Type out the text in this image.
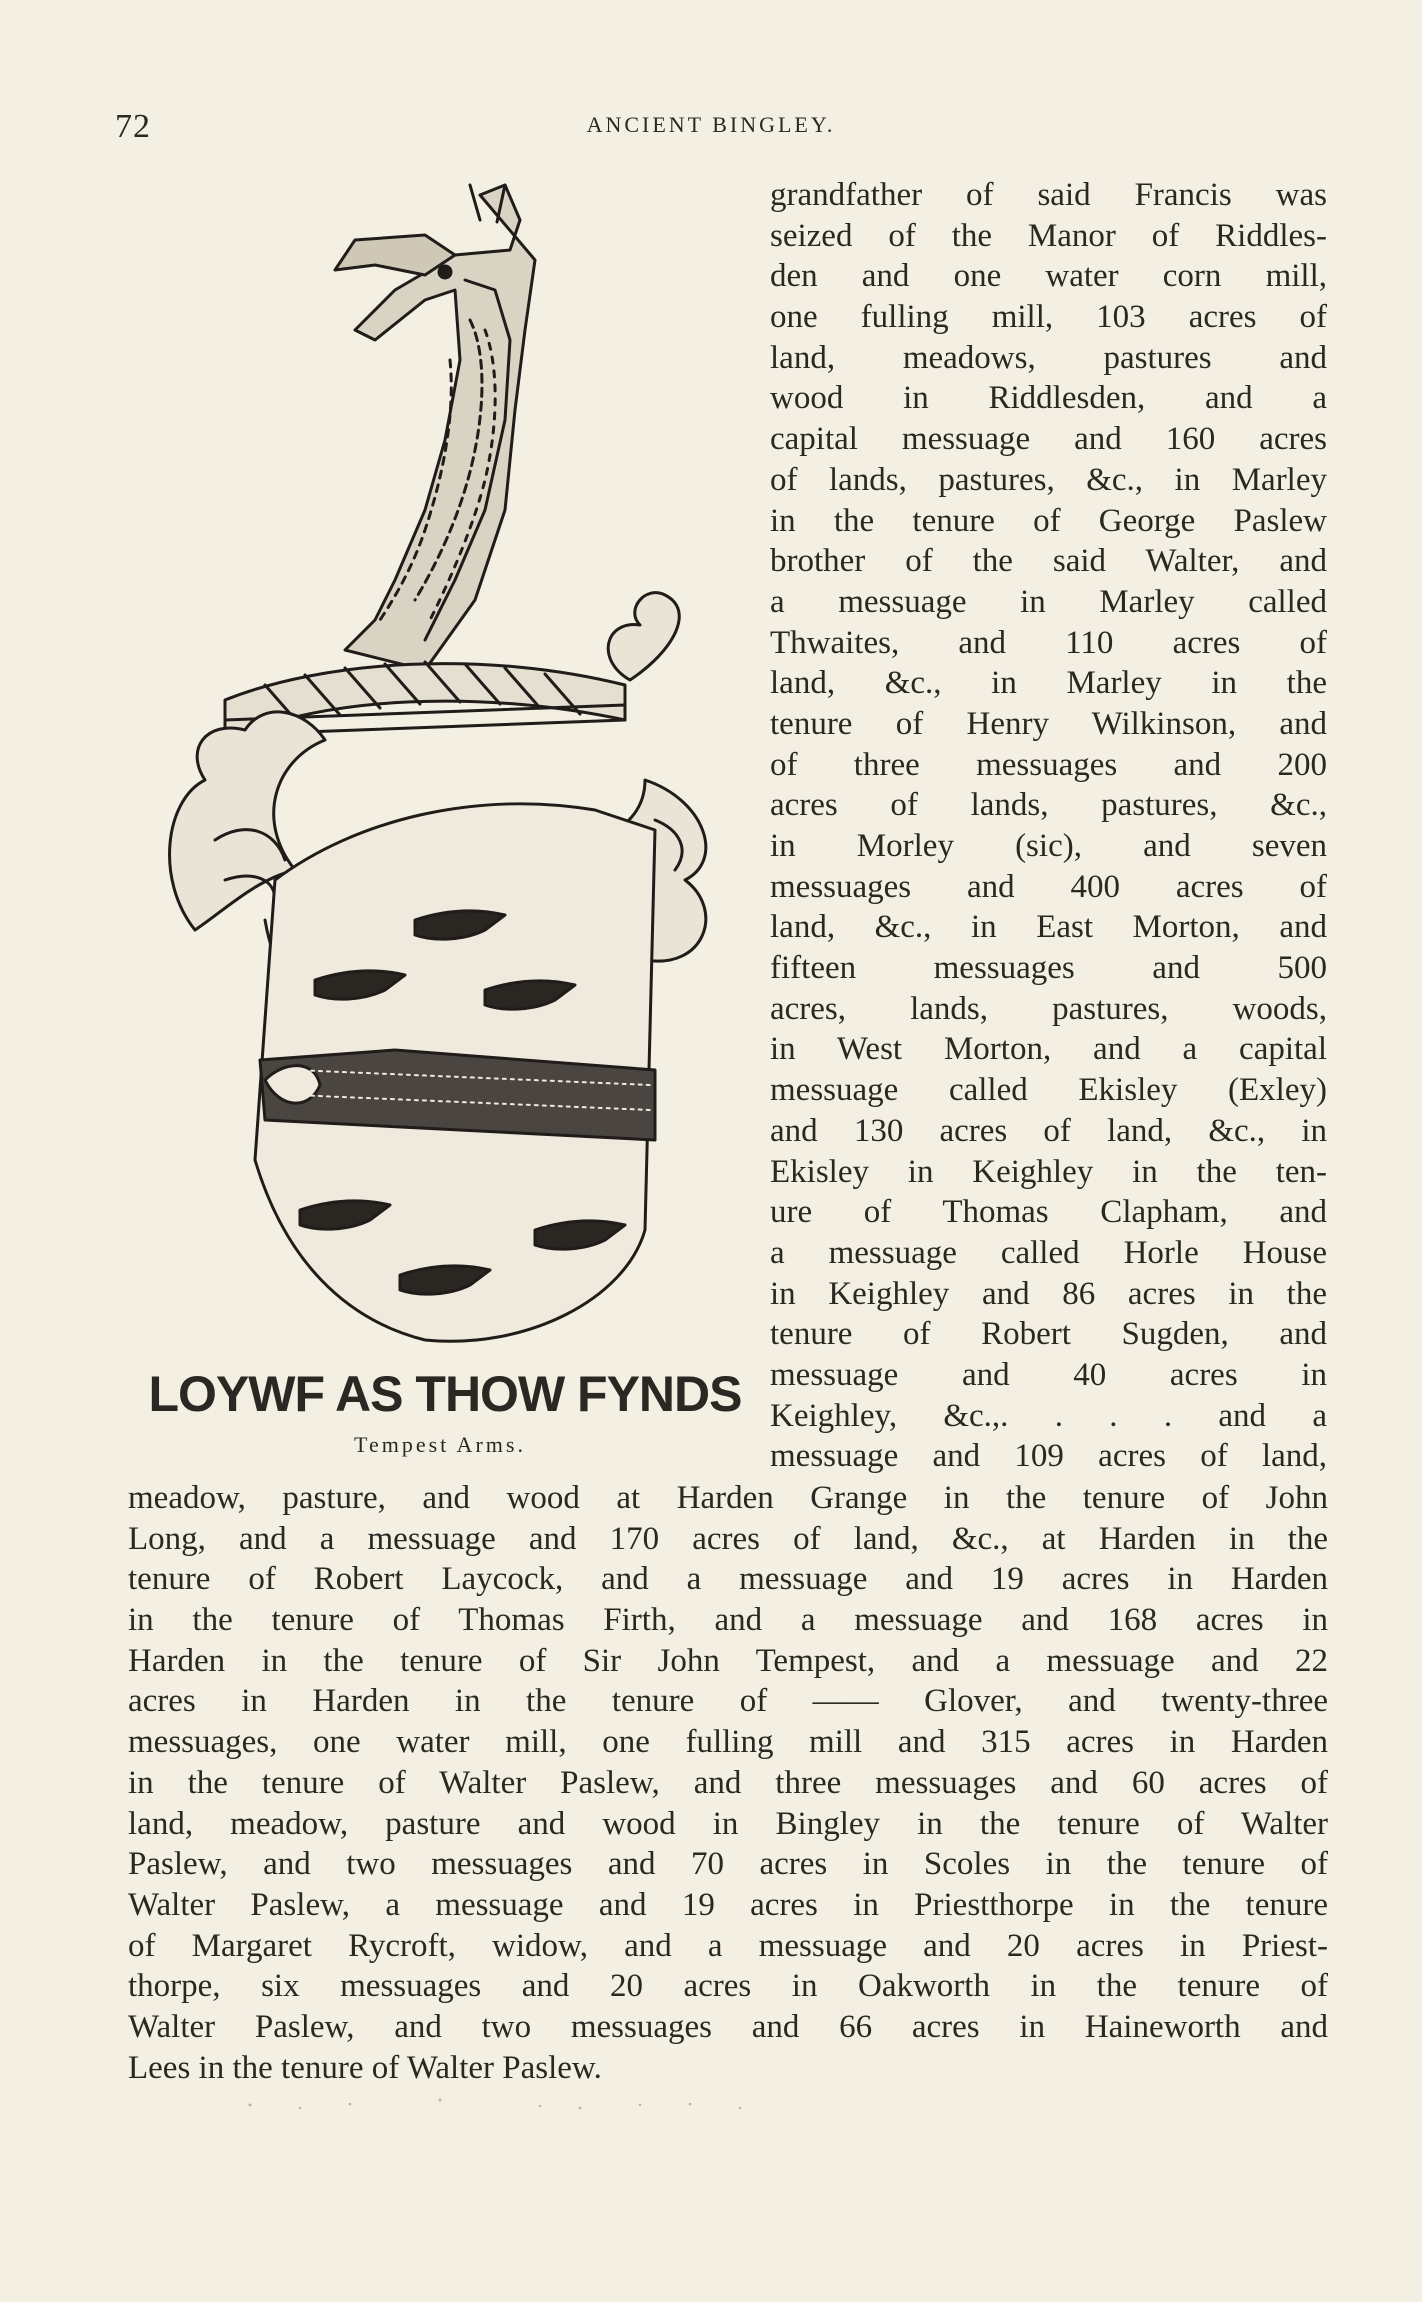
72	ANCIENT BINGLEY.
LOYWF AS THOW FYNDS
Tempest Arms.
grandfather of said Francis was
seized of the Manor of Riddles-
den and one water corn mill,
one fulling mill, 103 acres of
land, meadows, pastures and
wood in Riddlesden, and a
capital messuage and 160 acres
of lands, pastures, &c., in Marley
in the tenure of George Paslew
brother of the said Walter, and
a messuage in Marley called
Thwaites, and 110 acres of
land, &c., in Marley in the
tenure of Henry Wilkinson, and
of three messuages and 200
acres of lands, pastures, &c.,
in Morley (sic), and seven
messuages and 400 acres of
land, &c., in East Morton, and
fifteen messuages and 500
acres, lands, pastures, woods,
in West Morton, and a capital
messuage called Ekisley (Exley)
and 130 acres of land, &c., in
Ekisley in Keighley in the ten-
ure of Thomas Clapham, and
a messuage called Horle House
in Keighley and 86 acres in the
tenure of Robert Sugden, and
messuage and 40 acres in
Keighley, &c.,. . . . and a
messuage and 109 acres of land,
meadow, pasture, and wood at Harden Grange in the tenure of John
Long, and a messuage and 170 acres of land, &c., at Harden in the
tenure of Robert Laycock, and a messuage and 19 acres in Harden
in the tenure of Thomas Firth, and a messuage and 168 acres in
Harden in the tenure of Sir John Tempest, and a messuage and 22
acres in Harden in the tenure of —— Glover, and twenty-three
messuages, one water mill, one fulling mill and 315 acres in Harden
in the tenure of Walter Paslew, and three messuages and 60 acres of
land, meadow, pasture and wood in Bingley in the tenure of Walter
Paslew, and two messuages and 70 acres in Scoles in the tenure of
Walter Paslew, a messuage and 19 acres in Priestthorpe in the tenure
of Margaret Rycroft, widow, and a messuage and 20 acres in Priest-
thorpe, six messuages and 20 acres in Oakworth in the tenure of
Walter Paslew, and two messuages and 66 acres in Haineworth and
Lees in the tenure of Walter Paslew.
